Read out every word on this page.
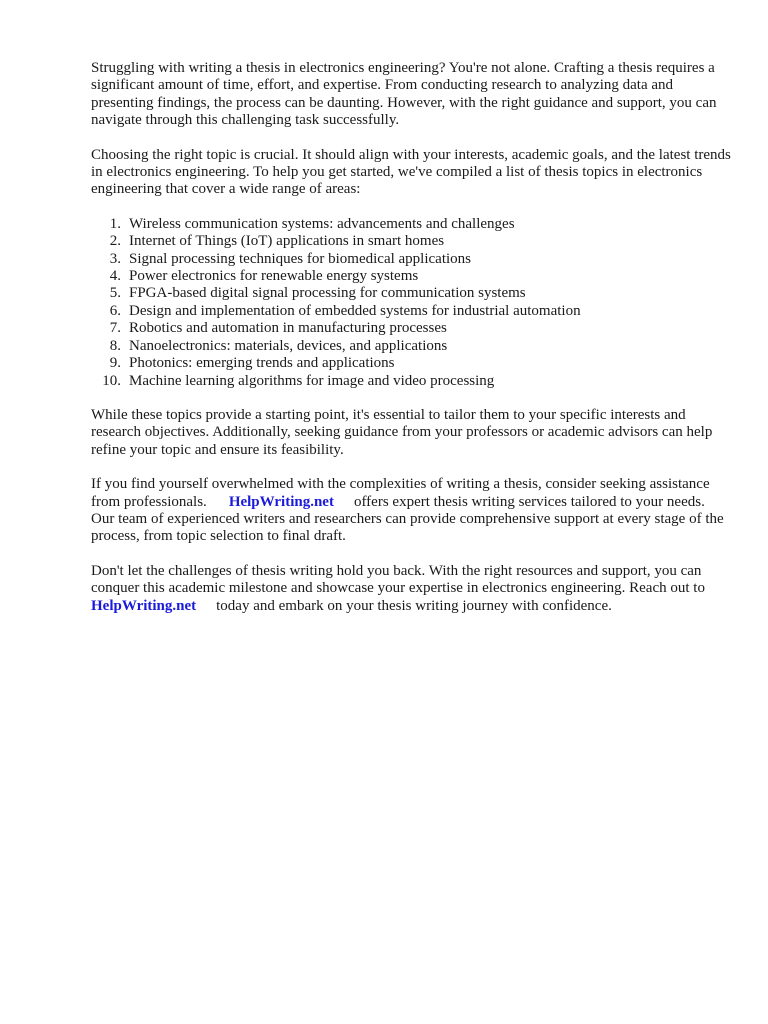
Struggling with writing a thesis in electronics engineering? You're not alone. Crafting a thesis requires a significant amount of time, effort, and expertise. From conducting research to analyzing data and presenting findings, the process can be daunting. However, with the right guidance and support, you can navigate through this challenging task successfully.

Choosing the right topic is crucial. It should align with your interests, academic goals, and the latest trends in electronics engineering. To help you get started, we've compiled a list of thesis topics in electronics engineering that cover a wide range of areas:

1. Wireless communication systems: advancements and challenges
2. Internet of Things (IoT) applications in smart homes
3. Signal processing techniques for biomedical applications
4. Power electronics for renewable energy systems
5. FPGA-based digital signal processing for communication systems
6. Design and implementation of embedded systems for industrial automation
7. Robotics and automation in manufacturing processes
8. Nanoelectronics: materials, devices, and applications
9. Photonics: emerging trends and applications
10. Machine learning algorithms for image and video processing

While these topics provide a starting point, it's essential to tailor them to your specific interests and research objectives. Additionally, seeking guidance from your professors or academic advisors can help refine your topic and ensure its feasibility.

If you find yourself overwhelmed with the complexities of writing a thesis, consider seeking assistance from professionals. HelpWriting.net offers expert thesis writing services tailored to your needs. Our team of experienced writers and researchers can provide comprehensive support at every stage of the process, from topic selection to final draft.

Don't let the challenges of thesis writing hold you back. With the right resources and support, you can conquer this academic milestone and showcase your expertise in electronics engineering. Reach out toHelpWriting.net today and embark on your thesis writing journey with confidence.
